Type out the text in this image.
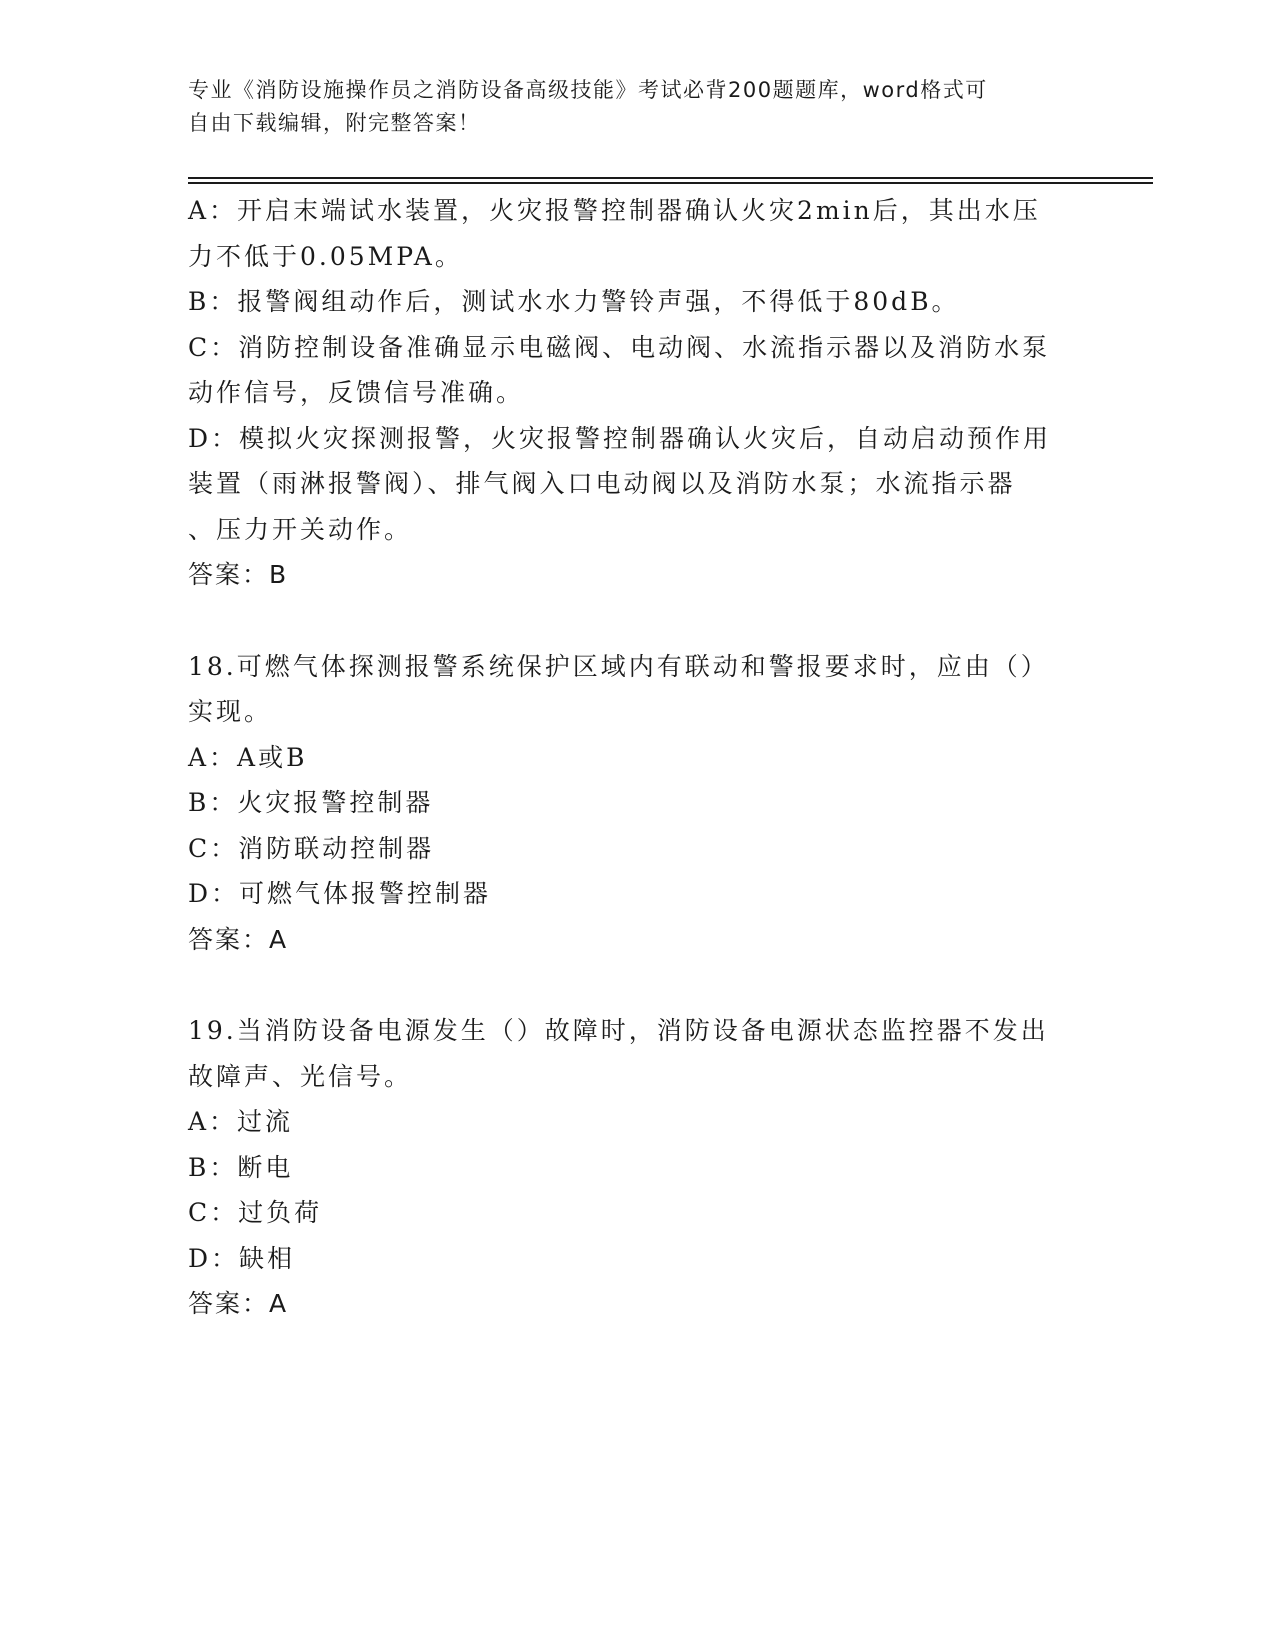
专业《消防设施操作员之消防设备高级技能》考试必背200题题库，word格式可
自由下载编辑，附完整答案！

A：开启末端试水装置，火灾报警控制器确认火灾2min后，其出水压

力不低于0.05MPA。

B：报警阀组动作后，测试水水力警铃声强，不得低于80dB。

C：消防控制设备准确显示电磁阀、电动阀、水流指示器以及消防水泵

动作信号，反馈信号准确。

D：模拟火灾探测报警，火灾报警控制器确认火灾后，自动启动预作用

装置（雨淋报警阀）、排气阀入口电动阀以及消防水泵；水流指示器

、压力开关动作。

答案：B

18.可燃气体探测报警系统保护区域内有联动和警报要求时，应由（）

实现。

A：A或B

B：火灾报警控制器

C：消防联动控制器

D：可燃气体报警控制器

答案：A

19.当消防设备电源发生（）故障时，消防设备电源状态监控器不发出

故障声、光信号。

A：过流

B：断电

C：过负荷

D：缺相

答案：A
